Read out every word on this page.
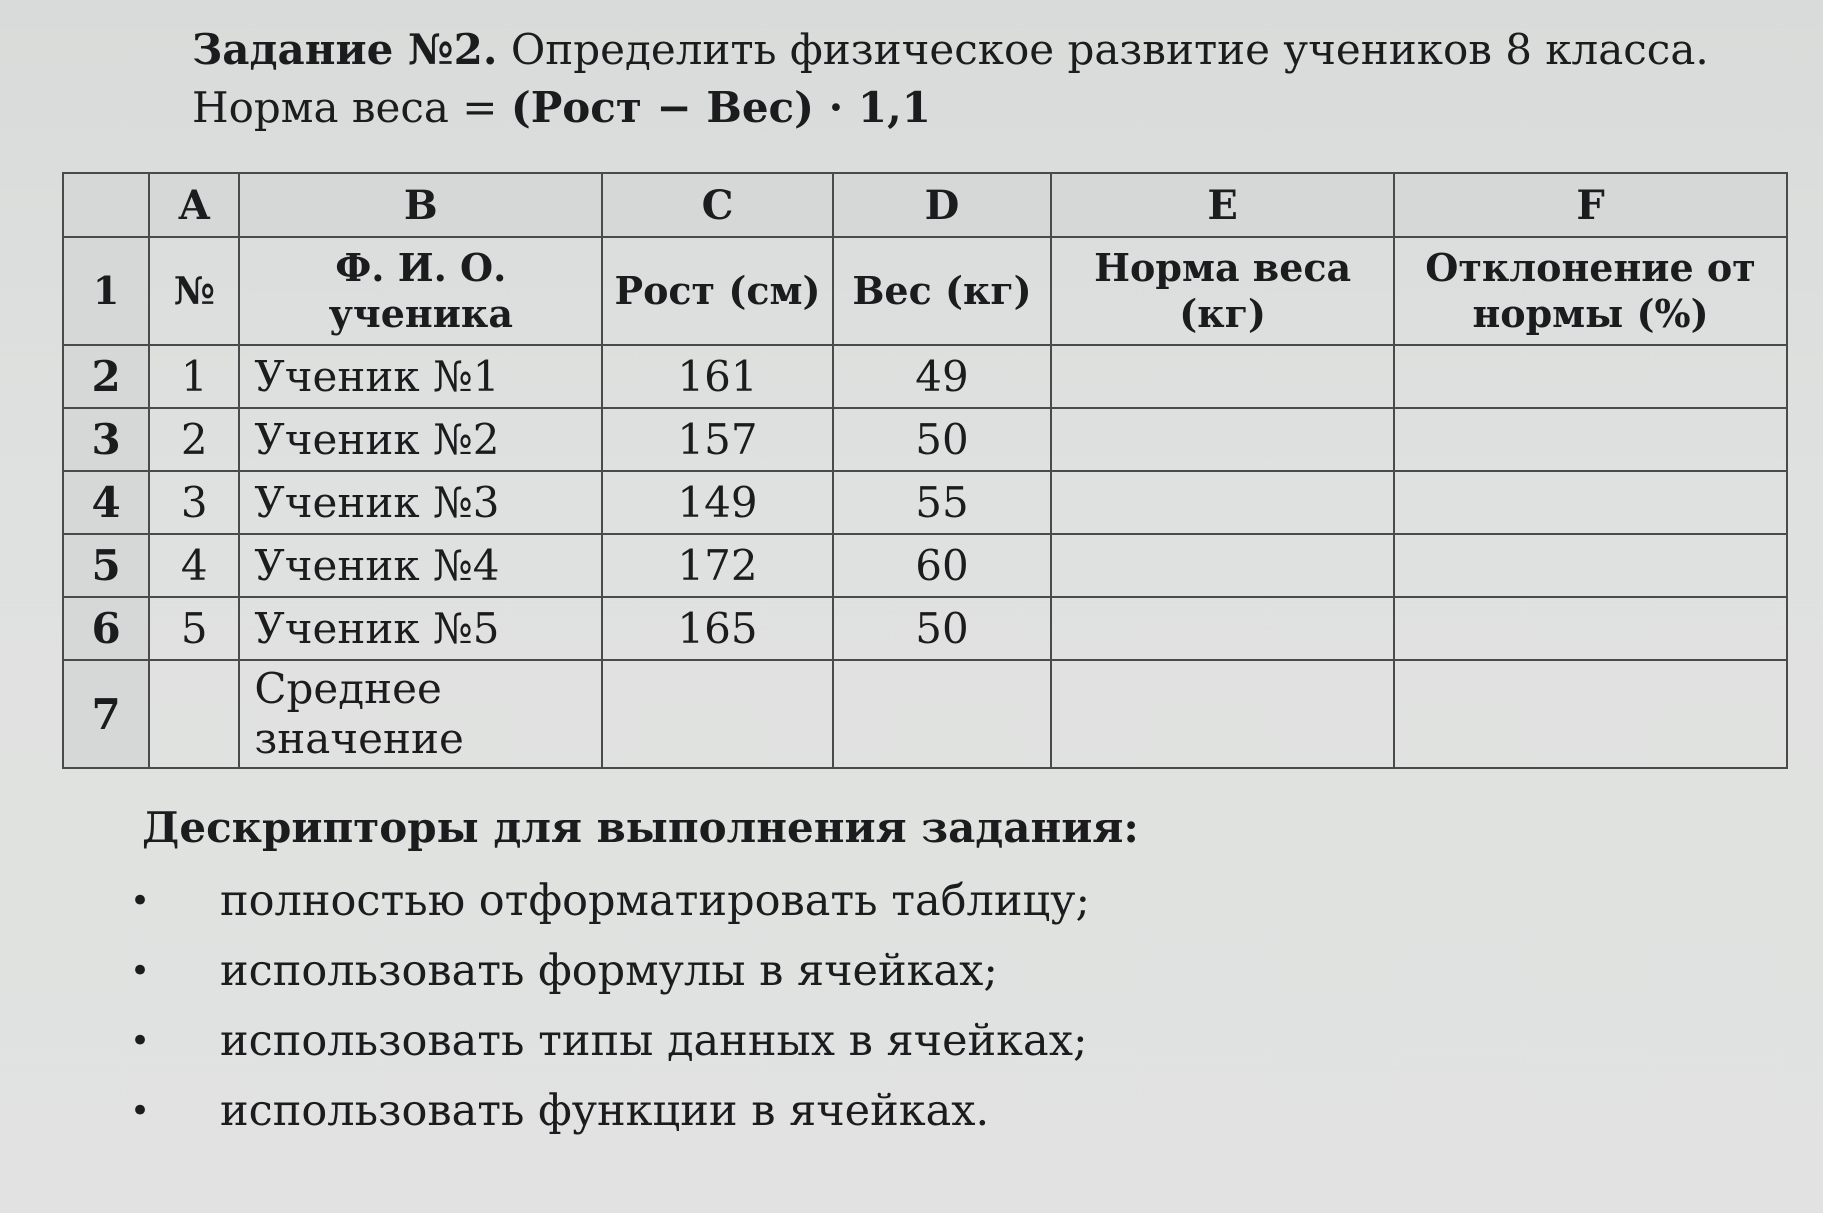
Задание №2. Определить физическое развитие учеников 8 класса.
Норма веса = (Рост − Вес) · 1,1
	A	B	C	D	E	F
1	№	Ф. И. О. ученика	Рост (см)	Вес (кг)	Норма веса (кг)	Отклонение от нормы (%)
2	1	Ученик №1	161	49		
3	2	Ученик №2	157	50		
4	3	Ученик №3	149	55		
5	4	Ученик №4	172	60		
6	5	Ученик №5	165	50		
7		Среднее значение				
Дескрипторы для выполнения задания:
•	полностью отформатировать таблицу;
•	использовать формулы в ячейках;
•	использовать типы данных в ячейках;
•	использовать функции в ячейках.
